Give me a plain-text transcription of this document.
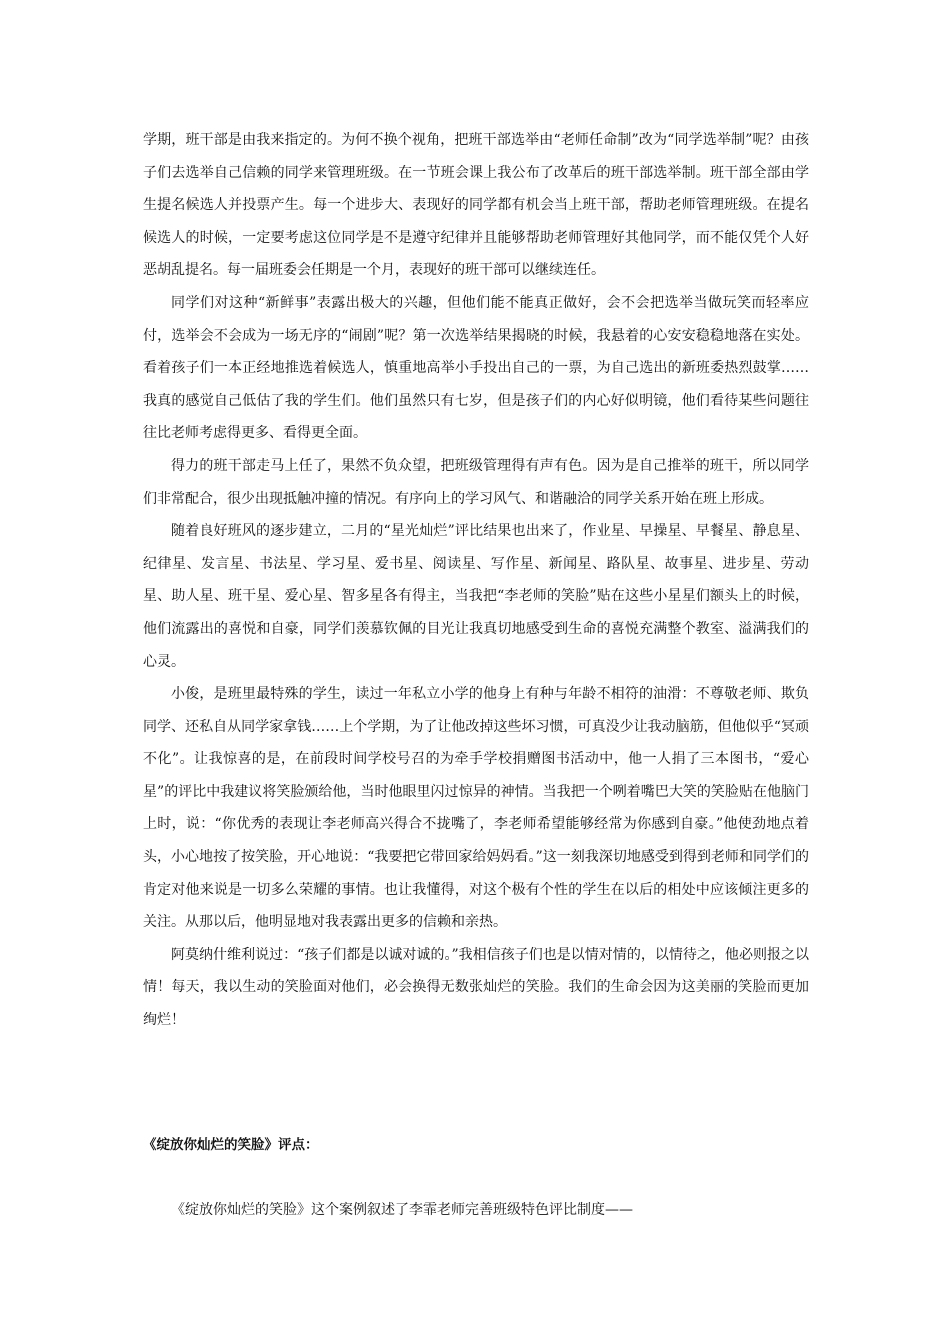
学期，班干部是由我来指定的。为何不换个视角，把班干部选举由“老师任命制”改为“同学选举制”呢？由孩子们去选举自己信赖的同学来管理班级。在一节班会课上我公布了改革后的班干部选举制。班干部全部由学生提名候选人并投票产生。每一个进步大、表现好的同学都有机会当上班干部，帮助老师管理班级。在提名候选人的时候，一定要考虑这位同学是不是遵守纪律并且能够帮助老师管理好其他同学，而不能仅凭个人好恶胡乱提名。每一届班委会任期是一个月，表现好的班干部可以继续连任。

同学们对这种“新鲜事”表露出极大的兴趣，但他们能不能真正做好，会不会把选举当做玩笑而轻率应付，选举会不会成为一场无序的“闹剧”呢？第一次选举结果揭晓的时候，我悬着的心安安稳稳地落在实处。看着孩子们一本正经地推选着候选人，慎重地高举小手投出自己的一票，为自己选出的新班委热烈鼓掌……我真的感觉自己低估了我的学生们。他们虽然只有七岁，但是孩子们的内心好似明镜，他们看待某些问题往往比老师考虑得更多、看得更全面。

得力的班干部走马上任了，果然不负众望，把班级管理得有声有色。因为是自己推举的班干，所以同学们非常配合，很少出现抵触冲撞的情况。有序向上的学习风气、和谐融洽的同学关系开始在班上形成。

随着良好班风的逐步建立，二月的“星光灿烂”评比结果也出来了，作业星、早操星、早餐星、静息星、纪律星、发言星、书法星、学习星、爱书星、阅读星、写作星、新闻星、路队星、故事星、进步星、劳动星、助人星、班干星、爱心星、智多星各有得主，当我把“李老师的笑脸”贴在这些小星星们额头上的时候，他们流露出的喜悦和自豪，同学们羡慕钦佩的目光让我真切地感受到生命的喜悦充满整个教室、溢满我们的心灵。

小俊，是班里最特殊的学生，读过一年私立小学的他身上有种与年龄不相符的油滑：不尊敬老师、欺负同学、还私自从同学家拿钱……上个学期，为了让他改掉这些坏习惯，可真没少让我动脑筋，但他似乎“冥顽不化”。让我惊喜的是，在前段时间学校号召的为牵手学校捐赠图书活动中，他一人捐了三本图书，“爱心星”的评比中我建议将笑脸颁给他，当时他眼里闪过惊异的神情。当我把一个咧着嘴巴大笑的笑脸贴在他脑门上时，说：“你优秀的表现让李老师高兴得合不拢嘴了，李老师希望能够经常为你感到自豪。”他使劲地点着头，小心地按了按笑脸，开心地说：“我要把它带回家给妈妈看。”这一刻我深切地感受到得到老师和同学们的肯定对他来说是一切多么荣耀的事情。也让我懂得，对这个极有个性的学生在以后的相处中应该倾注更多的关注。从那以后，他明显地对我表露出更多的信赖和亲热。

阿莫纳什维利说过：“孩子们都是以诚对诚的。”我相信孩子们也是以情对情的，以情待之，他必则报之以情！每天，我以生动的笑脸面对他们，必会换得无数张灿烂的笑脸。我们的生命会因为这美丽的笑脸而更加绚烂！

《绽放你灿烂的笑脸》评点：

《绽放你灿烂的笑脸》这个案例叙述了李霏老师完善班级特色评比制度——
